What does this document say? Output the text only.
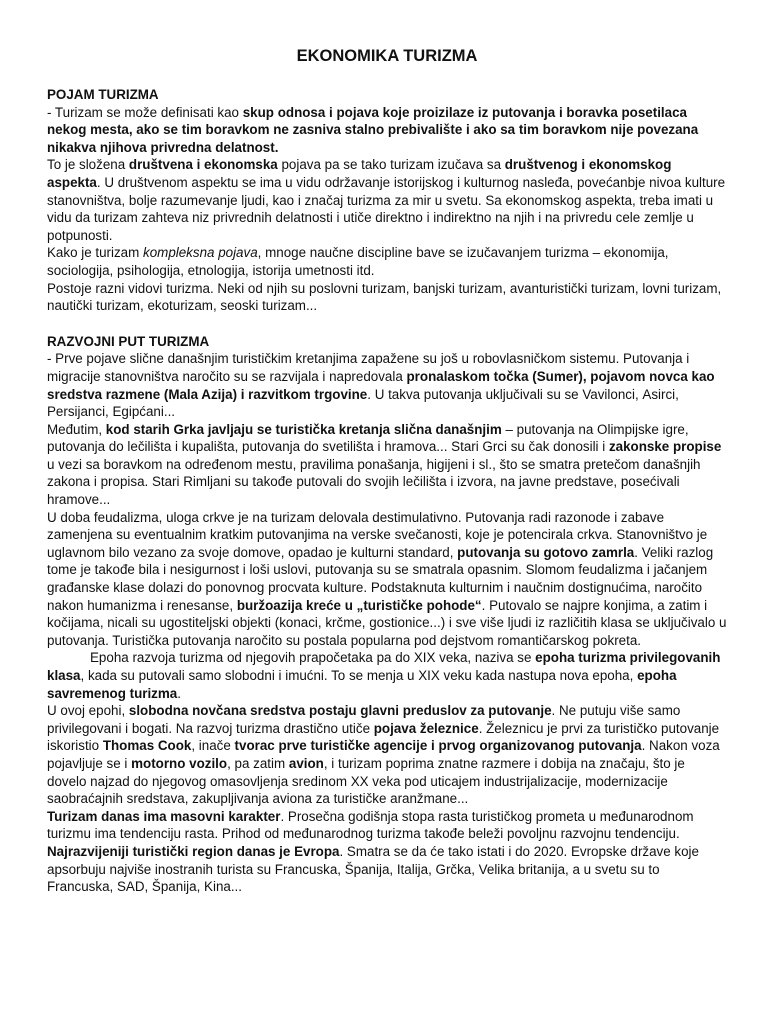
EKONOMIKA TURIZMA
POJAM TURIZMA

- Turizam se može definisati kao skup odnosa i pojava koje proizilaze iz putovanja i boravka posetilaca nekog mesta, ako se tim boravkom ne zasniva stalno prebivalište i ako sa tim boravkom nije povezana nikakva njihova privredna delatnost.

To je složena društvena i ekonomska pojava pa se tako turizam izučava sa društvenog i ekonomskog aspekta. U društvenom aspektu se ima u vidu održavanje istorijskog i kulturnog nasleđa, povećanbje nivoa kulture stanovništva, bolje razumevanje ljudi, kao i značaj turizma za mir u svetu. Sa ekonomskog aspekta, treba imati u vidu da turizam zahteva niz privrednih delatnosti i utiče direktno i indirektno na njih i na privredu cele zemlje u potpunosti.

Kako je turizam kompleksna pojava, mnoge naučne discipline bave se izučavanjem turizma – ekonomija, sociologija, psihologija, etnologija, istorija umetnosti itd.

Postoje razni vidovi turizma. Neki od njih su poslovni turizam, banjski turizam, avanturistički turizam, lovni turizam, nautički turizam, ekoturizam, seoski turizam...

RAZVOJNI PUT TURIZMA

- Prve pojave slične današnjim turističkim kretanjima zapažene su još u robovlasničkom sistemu. Putovanja i migracije stanovništva naročito su se razvijala i napredovala pronalaskom točka (Sumer), pojavom novca kao sredstva razmene (Mala Azija) i razvitkom trgovine. U takva putovanja uključivali su se Vaviloncі, Asirci, Persijanci, Egipćani...

Međutim, kod starih Grka javljaju se turistička kretanja slična današnjim – putovanja na Olimpijske igre, putovanja do lečilišta i kupališta, putovanja do svetilišta i hramova... Stari Grci su čak donosili i zakonske propise u vezi sa boravkom na određenom mestu, pravilima ponašanja, higijeni i sl., što se smatra pretečom današnjih zakona i propisa. Stari Rimljani su takođe putovali do svojih lečilišta i izvora, na javne predstave, posećivali hramove...

U doba feudalizma, uloga crkve je na turizam delovala destimulativno. Putovanja radi razonode i zabave zamenjena su eventualnim kratkim putovanjima na verske svečanosti, koje je potencirala crkva. Stanovništvo je uglavnom bilo vezano za svoje domove, opadao je kulturni standard, putovanja su gotovo zamrla. Veliki razlog tome je takođe bila i nesigurnost i loši uslovi, putovanja su se smatrala opasnim. Slomom feudalizma i jačanjem građanske klase dolazi do ponovnog procvata kulture. Podstaknuta kulturnim i naučnim dostignućima, naročito nakon humanizma i renesanse, buržoazija kreće u „turističke pohode“. Putovalo se najpre konjima, a zatim i kočijama, nicali su ugostiteljski objekti (konaci, krčme, gostionice...) i sve više ljudi iz različitih klasa se uključivalo u putovanja. Turistička putovanja naročito su postala popularna pod dejstvom romantičarskog pokreta.

Epoha razvoja turizma od njegovih prapočetaka pa do XIX veka, naziva se epoha turizma privilegovanih klasa, kada su putovali samo slobodni i imućni. To se menja u XIX veku kada nastupa nova epoha, epoha savremenog turizma.

U ovoj epohi, slobodna novčana sredstva postaju glavni preduslov za putovanje. Ne putuju više samo privilegovani i bogati. Na razvoj turizma drastično utiče pojava železnice. Železnicu je prvi za turističko putovanje iskoristio Thomas Cook, inače tvorac prve turističke agencije i prvog organizovanog putovanja. Nakon voza pojavljuje se i motorno vozilo, pa zatim avion, i turizam poprima znatne razmere i dobija na značaju, što je dovelo najzad do njegovog omasovljenja sredinom XX veka pod uticajem industrijalizacije, modernizacije saobraćajnih sredstava, zakupljivanja aviona za turističke aranžmane...

Turizam danas ima masovni karakter. Prosečna godišnja stopa rasta turističkog prometa u međunarodnom turizmu ima tendenciju rasta. Prihod od međunarodnog turizma takođe beleži povoljnu razvojnu tendenciju.

Najrazvijeniji turistički region danas je Evropa. Smatra se da će tako istati i do 2020. Evropske države koje apsorbuju najviše inostranih turista su Francuska, Španija, Italija, Grčka, Velika britanija, a u svetu su to Francuska, SAD, Španija, Kina...
